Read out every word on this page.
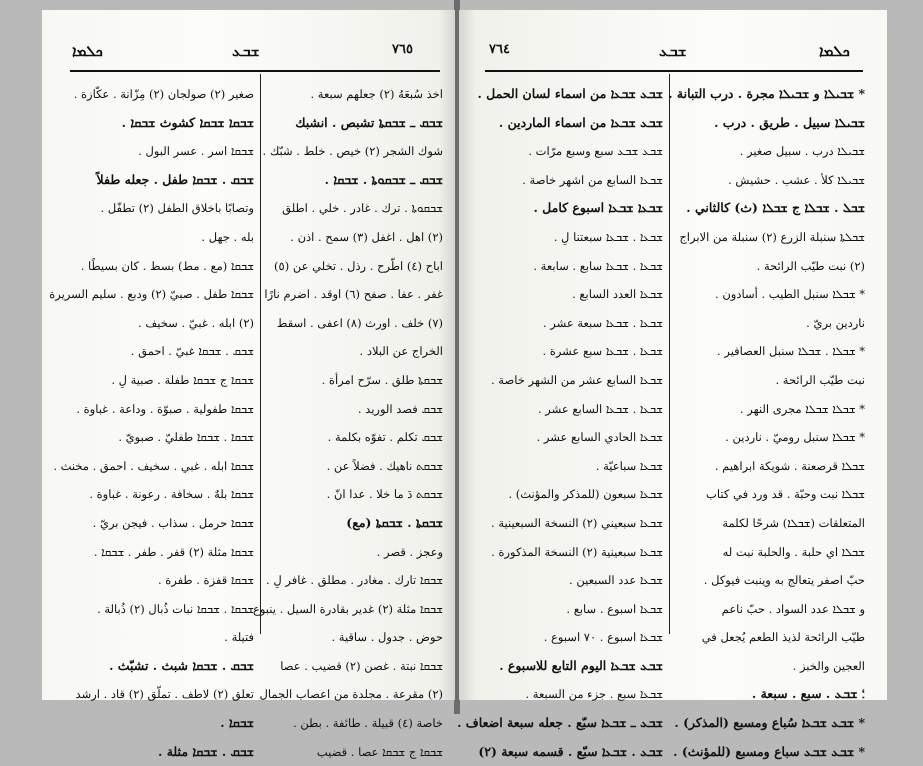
ܟܠܡܐ	ܫܒܥ	٧٦٥
اخذ سُبعَهُ (٢) جعلهم سبعة .
ܫܒܩ ـ ܫܒܩܬܐ تشبص . انشبك
شوك الشجر (٢) خيص . خلط . شبّك .
ܫܒܩ ـ ܫܒܩܘܬܐ . ܫܒܩܐ .
ܫܒܩܘܬܐ . ترك . غادر . خلي . اطلق
(٢) اهل . اغفل (٣) سمح . اذن .
اباح (٤) اطّرح . رذل . تخلي عن (٥)
غفر . عفا . صفح (٦) اوقد . اضرم نارًا
(٧) خلف . اورث (٨) اعفى . اسقط
الخراج عن البلاد .
ܫܒܩܬܐ طلق . سرّح امرأة .
ܫܒܩ فصد الوريد .
ܫܒܩ تكلم . تفوّه بكلمة .
ܫܒܩܬ ناهيك . فضلاً عن .
ܫܒܩܬ دَ ما خلا . عدا انّ .
ܫܒܩܬܐ . ܫܒܩܬܐ (مع)
وعجز . قصر .
ܫܒܩܐ تارك . مغادر . مطلق . غافر لِ .
ܫܒܩܐ مثلة (٢) غدير بقادرة السيل . ينبوع .
حوض . جدول . ساقية .
ܫܒܩܐ نبتة . غصن (٢) قضيب . عصا
(٢) مقرعة . مجلدة من اعصاب الجمال
خاصة (٤) قبيلة . طائفة . بطن .
ܫܒܩܐ ج ܫܒܩܐ عصا . قضيب
صغير (٢) صولجان (٢) مِزّانة . عكّازة .
ܫܒܩܐ ܫܒܩܐ كشوث ܫܒܩܐ .
ܫܒܩܐ اسر . عسر البول .
ܫܒܩ . ܫܒܩܐ طفل . جعله طفلاً
وتصابًا باخلاق الطفل (٢) تطفّل .
بله . جهل .
ܫܒܩܐ (مع . مط) بسط . كان بسيطًا .
ܫܒܩܐ طفل . صبيّ (٢) ودبع . سليم السريرة
(٢) ابله . غبيّ . سخيف .
ܫܒܩ . ܫܒܩܐ غبيّ . احمق .
ܫܒܩܐ ج ܫܒܩܐ طفلة . صبية لِ .
ܫܒܩܐ طفولية . صبوّة . وداعة . غباوة .
ܫܒܩܐ . ܫܒܩܐ طفليّ . صبويّ .
ܫܒܩܐ ابله . غبي . سخيف . احمق . مخنث .
ܫܒܩܐ بلهٌ . سخافة . رعونة . غباوة .
ܫܒܩܐ حرمل . سذاب . فيجن بريّ .
ܫܒܩܐ مثلة (٢) قفر . طفر . ܫܒܩܐ .
ܫܒܩܐ قفزة . طفرة .
ܫܒܩܐ . ܫܒܩܐ نبات ذُبال (٢) ذُبالة .
فتيلة .
ܫܒܩ . ܫܒܩܐ شبث . تشبّث .
تعلق (٢) لاطف . تملّق (٢) قاد . ارشد
ܫܒܩܐ .
ܫܒܩ . ܫܒܩܐ مثلة .
٧٦٤	ܫܒܥ	ܟܠܡܐ
ܫܒܥ ܫܒܥܐ من اسماء لسان الحمل .
ܫܒܥ ܫܒܥܐ من اسماء الماردين .
ܫܒܥ ܫܒܥ سبع وسبع مرّات .
ܫܒܥܐ السابع من اشهر خاصة .
ܫܒܥܐ ܫܒܥܐ اسبوع كامل .
ܫܒܥܐ . ܫܒܥܐ سبعتنا لِ .
ܫܒܥܐ . ܫܒܥܐ سابع . سابعة .
ܫܒܥܐ العدد السابع .
ܫܒܥܐ . ܫܒܥܐ سبعة عشر .
ܫܒܥܐ . ܫܒܥܐ سبع عشرة .
ܫܒܥܐ السابع عشر من الشهر خاصة .
ܫܒܥܐ . ܫܒܥܐ السابع عشر .
ܫܒܥܐ الحادي السابع عشر .
ܫܒܥܐ سباعيّة .
ܫܒܥܐ سبعون (للمذكر والمؤنث) .
ܫܒܥܐ سبعيني (٢) النسخة السبعينية .
ܫܒܥܐ سبعينية (٢) النسخة المذكورة .
ܫܒܥܐ عدد السبعين .
ܫܒܥܐ اسبوع . سابع .
ܫܒܥܐ اسبوع . ٧٠ اسبوع .
ܫܒܥ ܫܒܥܐ اليوم التابع للاسبوع .
ܫܒܥܐ سبع . جزء من السبعة .
ܫܒܥ ـ ܫܒܥܐ سبّع . جعله سبعة اضعاف .
ܫܒܥ . ܫܒܥܐ سبّع . قسمه سبعة (٢)
* ܫܒܝܠܐ و ܫܒܝܠܐ مجرة . درب التبانة .
ܫܒܝܠܐ سبيل . طريق . درب .
ܫܒܝܠܐ درب . سبيل صغير .
ܫܒܝܠܐ كلأ . عشب . حشيش .
ܫܒܠ . ܫܒܠܐ ج ܫܒܠܐ (ث) كالثاني .
ܫܒܠܬܐ سنبلة الزرع (٢) سنبلة من الابراج
(٢) نبت طيّب الرائحة .
* ܫܒܠܐ سنبل الطيب . أسادون .
ناردين بريّ .
* ܫܒܠܐ . ܫܒܠܐ سنبل العصافير .
نبت طيّب الرائحة .
* ܫܒܠܐ ܫܒܠܐ مجرى النهر .
* ܫܒܠܐ سنبل روميّ . ناردين .
ܫܒܠܐ قرصعنة . شويكة ابراهيم .
ܫܒܠܐ نبت وحبّة . قد ورد في كتاب
المتعلقات (ܫܒܠܐ) شرحًا لكلمة
ܫܒܠܐ اي حلبة . والحلبة نبت له
حبّ اصفر يتعالج به وينبت فيوكل .
و ܫܒܠܐ عدد السواد . حبّ ناعم
طيّب الرائحة لذيذ الطعم يُجعل في
العجين والخبز .
؛ ܫܒܥ . سبع . سبعة .
* ܫܒܥ ܫܒܥܐ سُباع ومسبع (المذكر) .
* ܫܒܥ ܫܒܥ سباع ومسبع (للمؤنث) .
